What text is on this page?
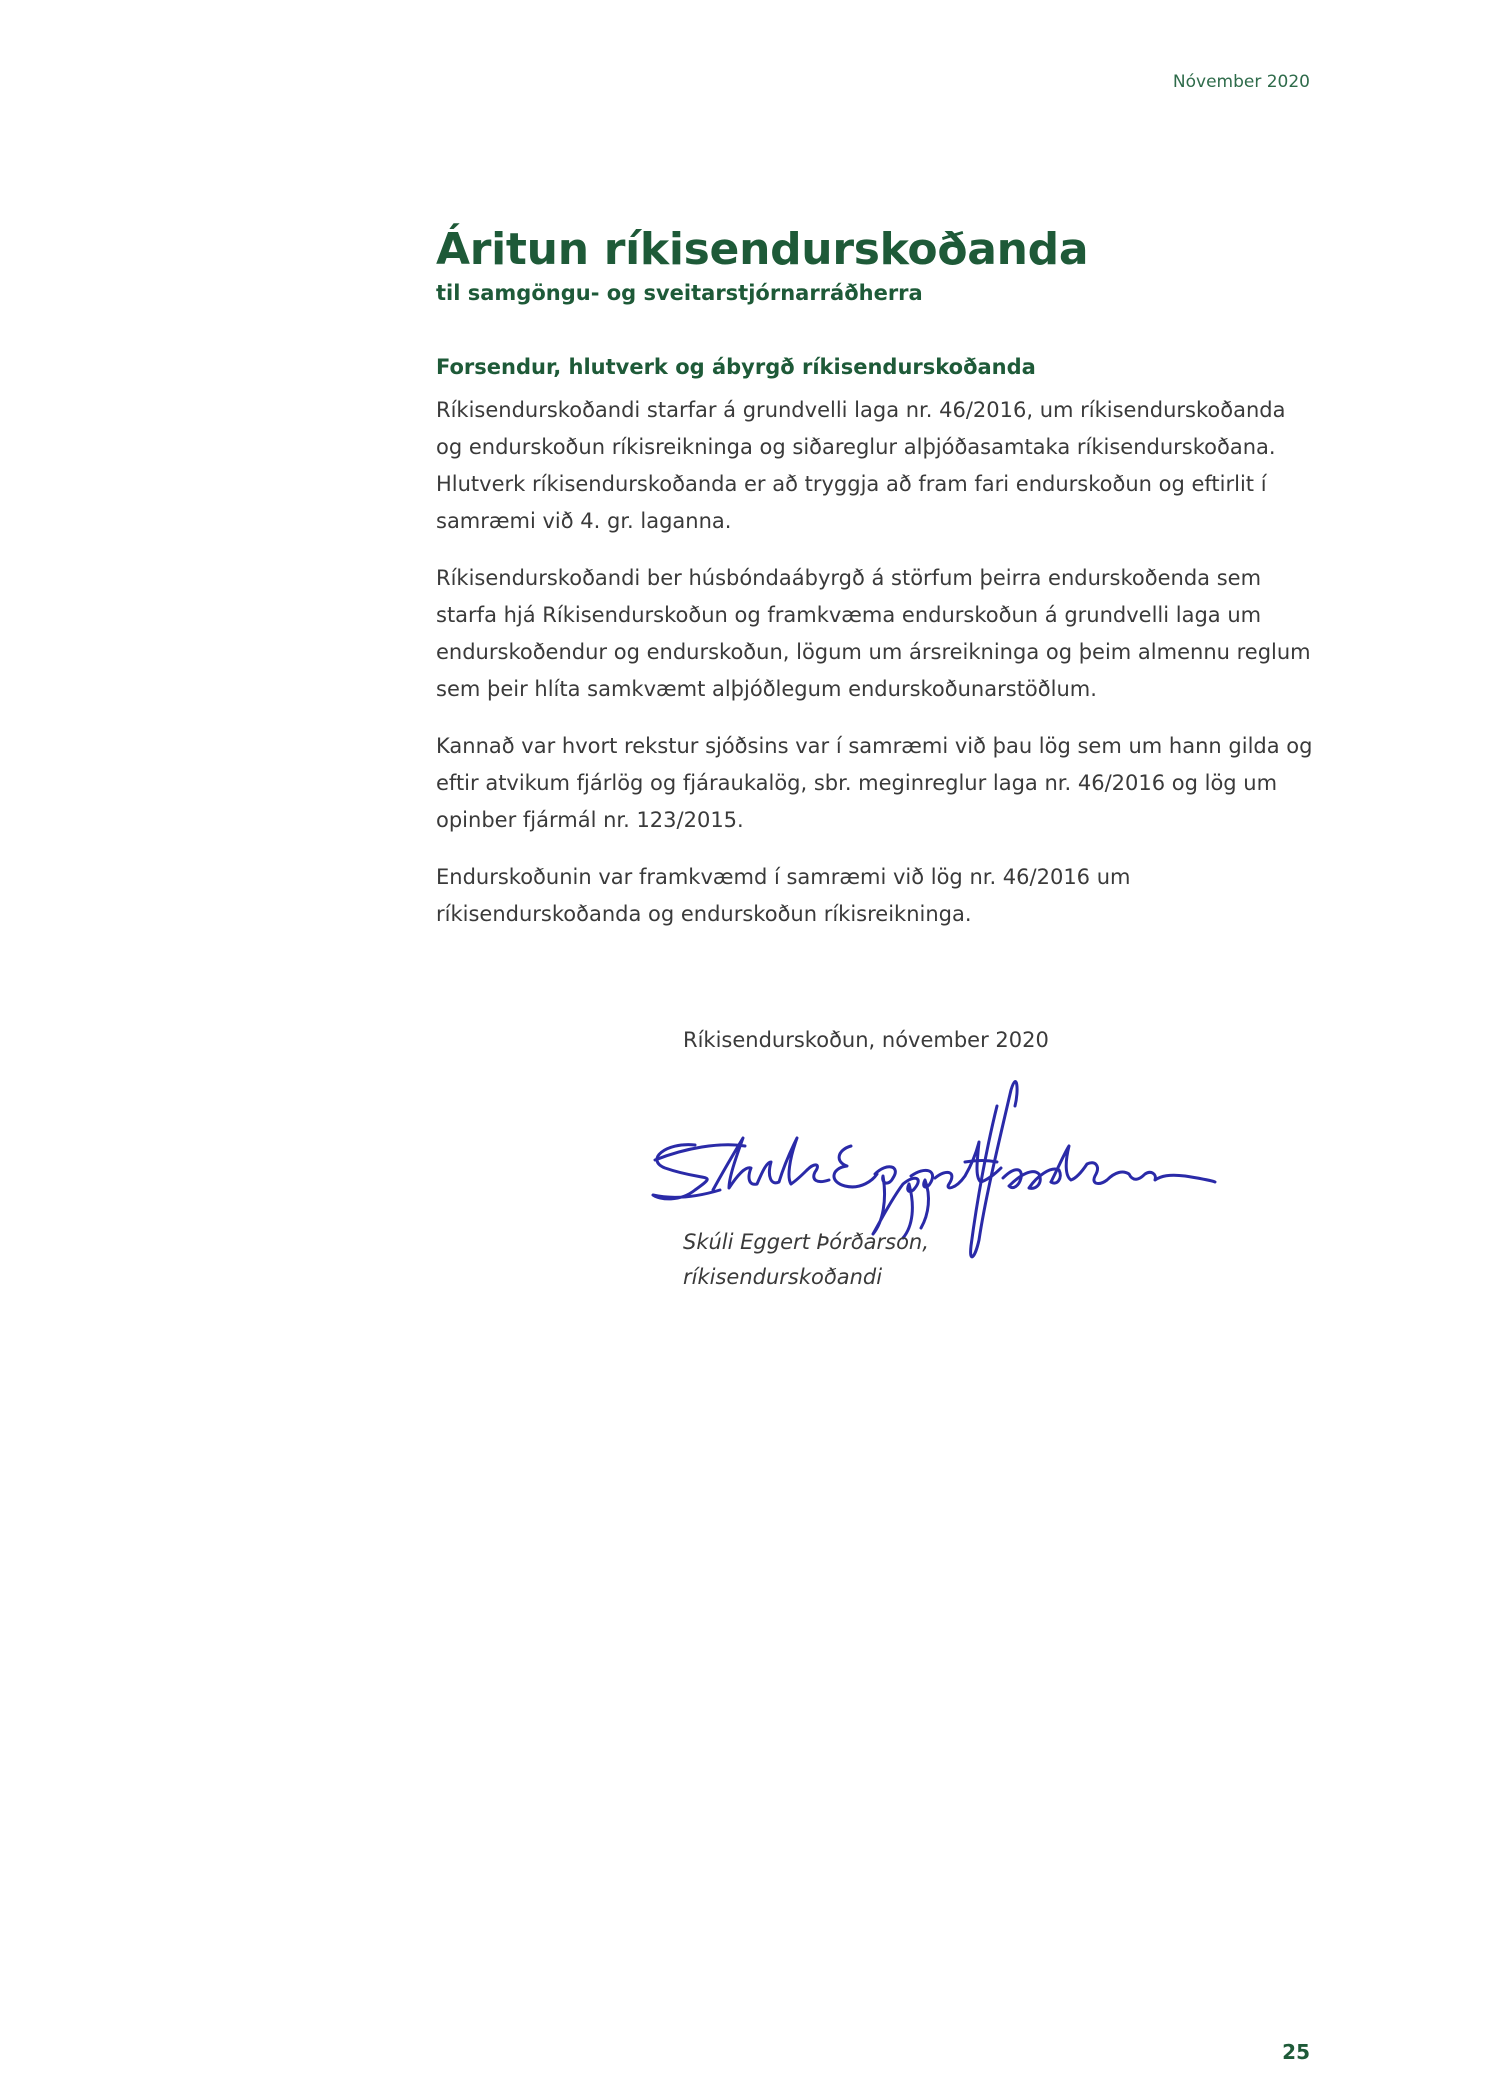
Nóvember 2020
Áritun ríkisendurskoðanda
til samgöngu- og sveitarstjórnarráðherra
Forsendur, hlutverk og ábyrgð ríkisendurskoðanda

Ríkisendurskoðandi starfar á grundvelli laga nr. 46/2016, um ríkisendurskoðanda og endurskoðun ríkisreikninga og siðareglur alþjóðasamtaka ríkisendurskoðana. Hlutverk ríkisendurskoðanda er að tryggja að fram fari endurskoðun og eftirlit í samræmi við 4. gr. laganna.

Ríkisendurskoðandi ber húsbóndaábyrgð á störfum þeirra endurskoðenda sem starfa hjá Ríkisendurskoðun og framkvæma endurskoðun á grundvelli laga um endurskoðendur og endurskoðun, lögum um ársreikninga og þeim almennu reglum sem þeir hlíta samkvæmt alþjóðlegum endurskoðunarstöðlum.

Kannað var hvort rekstur sjóðsins var í samræmi við þau lög sem um hann gilda og eftir atvikum fjárlög og fjáraukalög, sbr. meginreglur laga nr. 46/2016 og lög um opinber fjármál nr. 123/2015.

Endurskoðunin var framkvæmd í samræmi við lög nr. 46/2016 um ríkisendurskoðanda og endurskoðun ríkisreikninga.

Ríkisendurskoðun, nóvember 2020
Skúli Eggert Þórðarson,
ríkisendurskoðandi
25
